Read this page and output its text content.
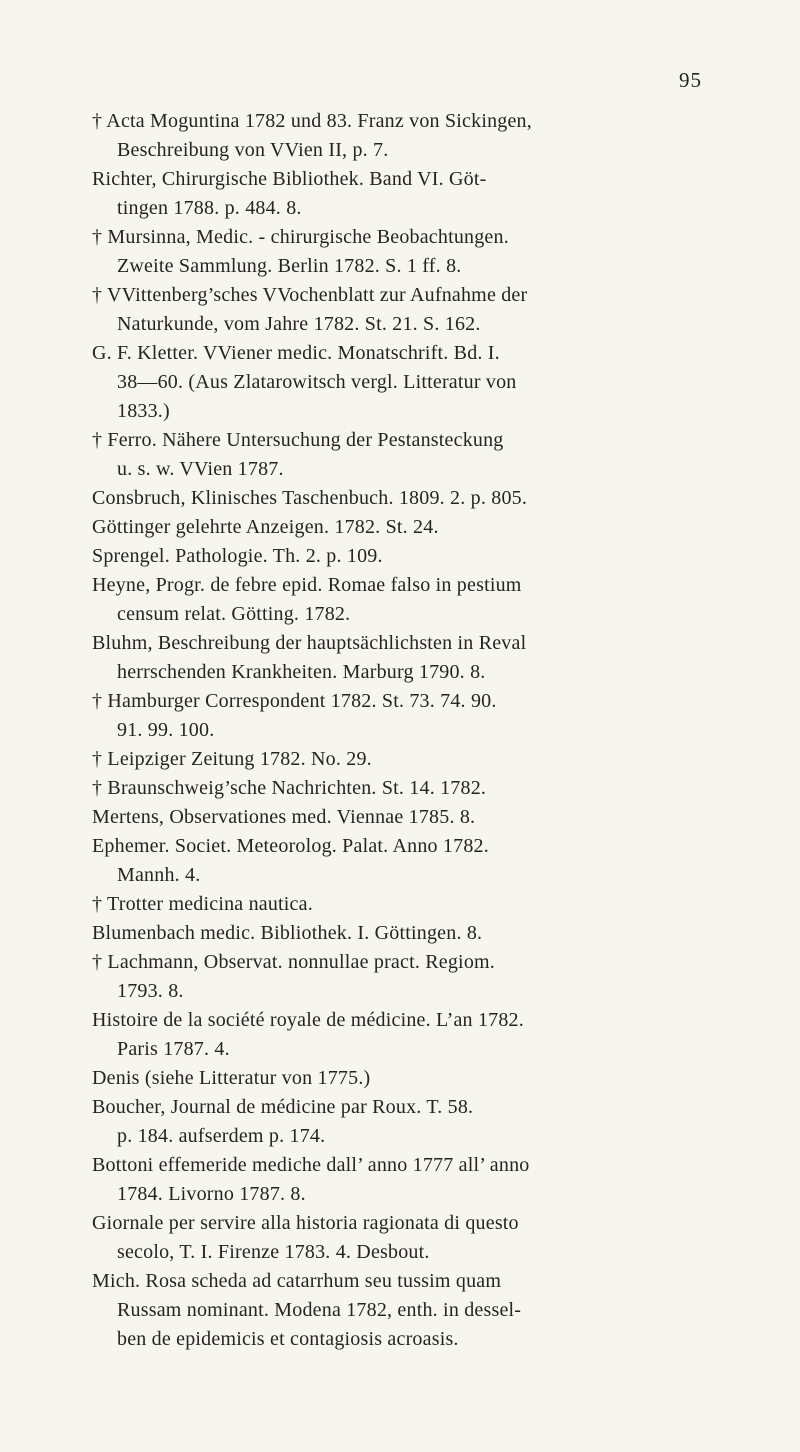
95
† Acta Moguntina 1782 und 83. Franz von Sickingen,
Beschreibung von VVien II, p. 7.
Richter, Chirurgische Bibliothek. Band VI. Göt-
tingen 1788. p. 484. 8.
† Mursinna, Medic. - chirurgische Beobachtungen.
Zweite Sammlung. Berlin 1782. S. 1 ff. 8.
† VVittenberg’sches VVochenblatt zur Aufnahme der
Naturkunde, vom Jahre 1782. St. 21. S. 162.
G. F. Kletter. VViener medic. Monatschrift. Bd. I.
38—60. (Aus Zlatarowitsch vergl. Litteratur von
1833.)
† Ferro. Nähere Untersuchung der Pestansteckung
u. s. w. VVien 1787.
Consbruch, Klinisches Taschenbuch. 1809. 2. p. 805.
Göttinger gelehrte Anzeigen. 1782. St. 24.
Sprengel. Pathologie. Th. 2. p. 109.
Heyne, Progr. de febre epid. Romae falso in pestium
censum relat. Götting. 1782.
Bluhm, Beschreibung der hauptsächlichsten in Reval
herrschenden Krankheiten. Marburg 1790. 8.
† Hamburger Correspondent 1782. St. 73. 74. 90.
91. 99. 100.
† Leipziger Zeitung 1782. No. 29.
† Braunschweig’sche Nachrichten. St. 14. 1782.
Mertens, Observationes med. Viennae 1785. 8.
Ephemer. Societ. Meteorolog. Palat. Anno 1782.
Mannh. 4.
† Trotter medicina nautica.
Blumenbach medic. Bibliothek. I. Göttingen. 8.
† Lachmann, Observat. nonnullae pract. Regiom.
1793. 8.
Histoire de la société royale de médicine. L’an 1782.
Paris 1787. 4.
Denis (siehe Litteratur von 1775.)
Boucher, Journal de médicine par Roux. T. 58.
p. 184. aufserdem p. 174.
Bottoni effemeride mediche dall’ anno 1777 all’ anno
1784. Livorno 1787. 8.
Giornale per servire alla historia ragionata di questo
secolo, T. I. Firenze 1783. 4. Desbout.
Mich. Rosa scheda ad catarrhum seu tussim quam
Russam nominant. Modena 1782, enth. in dessel-
ben de epidemicis et contagiosis acroasis.
